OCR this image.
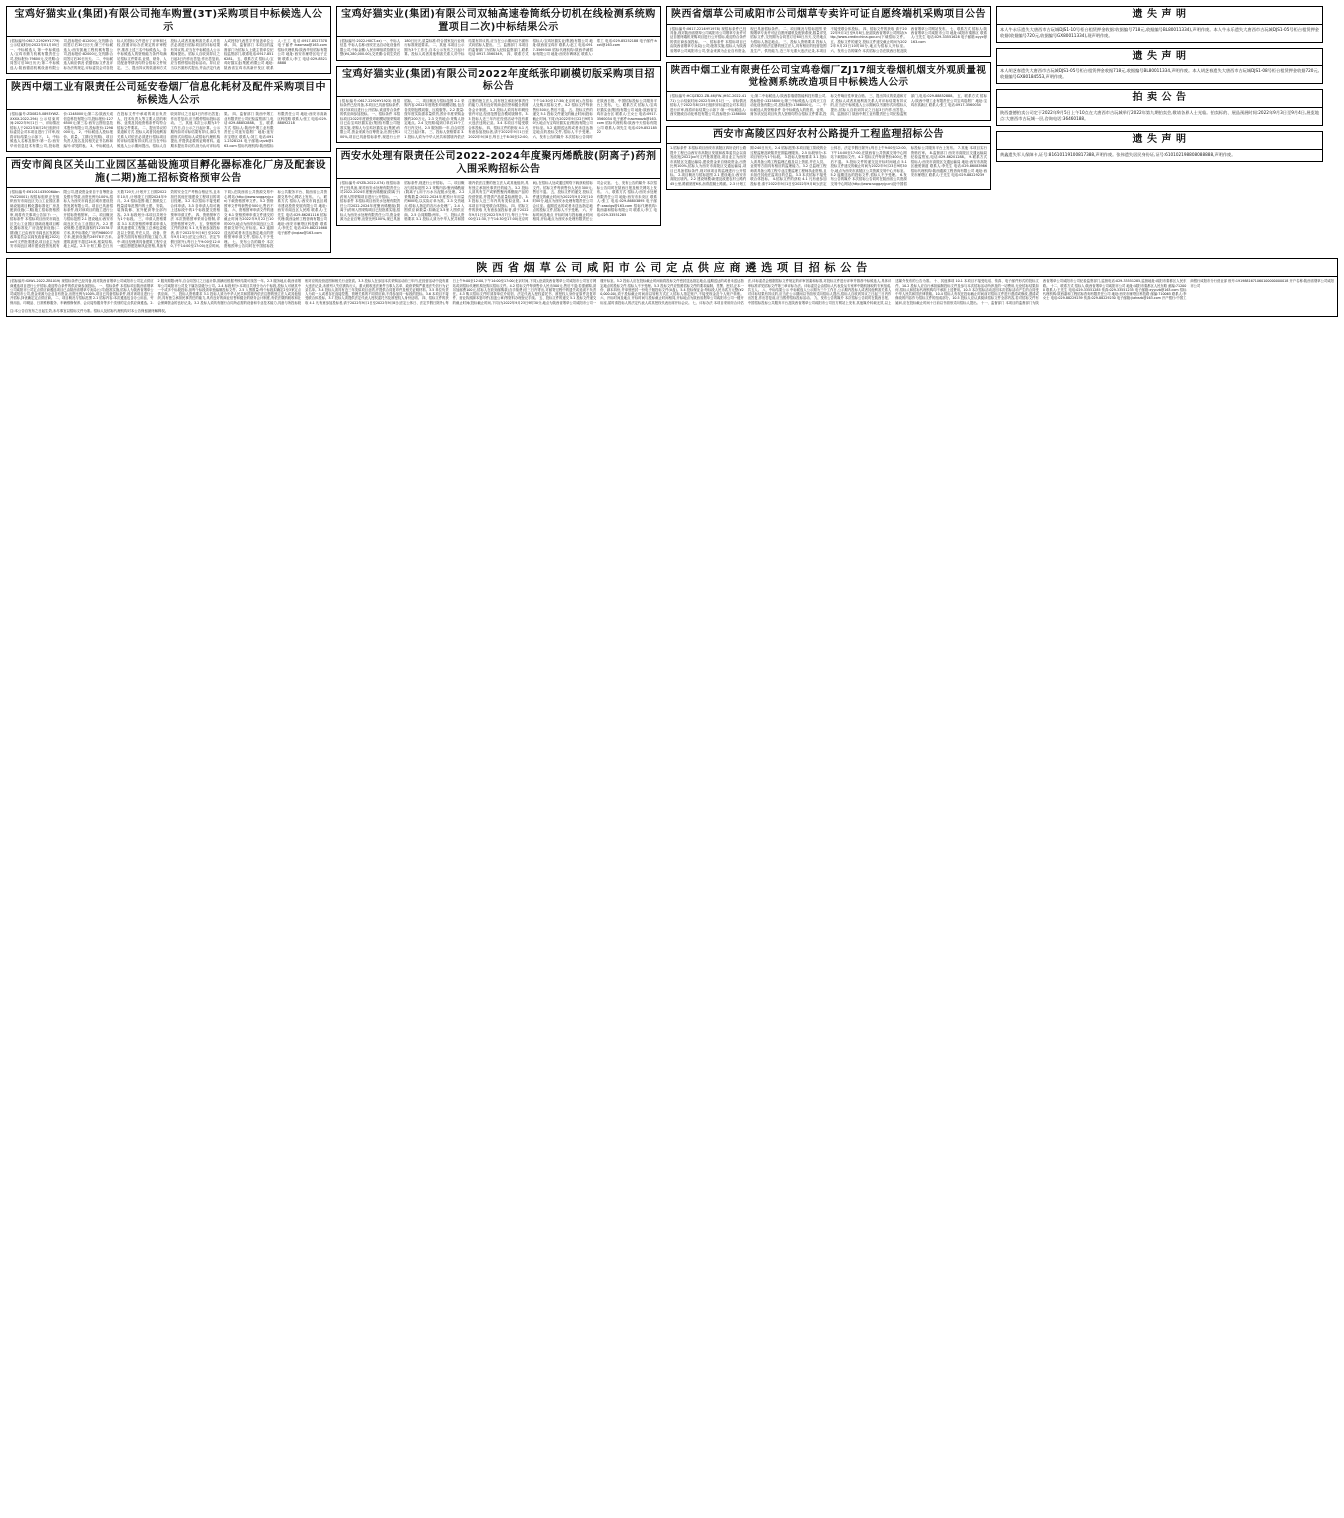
宝鸡好猫实业(集团)有限公司拖车购置(3T)采购项目中标候选人公示
(招标编号:0617-2292HY1779) 公示结束时间:2022年01月05日 一、中标候选人 第一中标候选人:宝鸡市鼎力机械有限责任公司,投标报价:79800元,交货期:合同签订后30日历天;第二中标候选人:陕西德浩机械设备有限公司,投标报价:81200元,交货期:合同签订后30日历天;第三中标候选人:西安凯驰工程机械有限公司,投标报价:82000元,交货期:合同签订后30日历天。 二、中标候选人响应情况 依据招标文件及评标办法的规定,评标委员会对各投标人的投标文件进行了评审和比较,按照评标办法规定的评审程序,推荐上述三名中标候选人。各中标候选人的资格能力条件均满足招标文件要求,业绩、财务、人员配备等情况均符合招标文件规定。 三、提出异议的渠道和方式 投标人或者其他利害关系人对依法必须进行招标项目的评标结果有异议的,应当在中标候选人公示期间提出。招标人自收到异议之日起3日内作出答复;作出答复前,应当暂停招标投标活动。异议应当以书面形式提出,并由法定代表人或授权代表签字并加盖单位公章。 四、监督部门 本项目的监督部门为招标人上级主管单位纪检监察部门,联系电话:0917-8516281。 五、联系方式 招标人:宝鸡好猫实业(集团)有限公司 地址:陕西省宝鸡市高新开发区 联系人:王工 电话:0917-8527378 电子邮件:haomao@163.com 招标代理机构:陕西华信招标有限公司 地址:西安市雁塔区电子正街 联系人:李工 电话:029-85218888
陕西中烟工业有限责任公司延安卷烟厂信息化耗材及配件采购项目中标候选人公示
(招标编号:ZD0825-0893YWZ-XXXX-2022-294) 公示结束时间:2022年9月1日 一、评标情况 招标人于2022年8月25日组织评标委员会对本项目进行了评审,现将评标结果公示如下。 1、中标候选人名称及排序:第一名:西安华讯信息技术有限公司,投标报价:1248000元;第二名:陕西天成信息科技有限公司,投标报价:1276500元;第三名:西安云图信息技术股份有限公司,投标报价:1298000元。 2、中标候选人投标报价、质量、工期(交货期)、项目负责人姓名及其相关证书名称和编号:详见附表。 3、中标候选人在投标文件中承诺的项目负责人、技术负责人等主要人员的职称、业绩及其他资格条件均符合招标文件要求。 二、提出异议的渠道和方式 投标人或者其他利害关系人对依法必须进行招标项目的评标结果有异议的,应当在中标候选人公示期间提出。招标人自收到异议之日起3日内作出答复;作出答复前,应当暂停招标投标活动。 三、其他 本次公示期为3个工作日,自公示之日起计算。公示期内如对评标结果有异议,请以书面形式向招标人或招标代理机构提出,并提供必要的证明材料。逾期未提出异议的,视为认可评标结果。 四、监督部门 陕西中烟工业有限责任公司纪检监察部门,电话:029-88852888。 五、联系方式 招标人:陕西中烟工业有限责任公司延安卷烟厂 地址:延安市宝塔区 联系人:刘工 电话:0911-2328124 电子邮箱:zyzb@163.com 招标代理机构:陕西招标有限责任公司 地址:西安市高新区科技路 联系人:张工 电话:029-88892218
西安市阎良区关山工业园区基础设施项目孵化器标准化厂房及配套设施(二期)施工招标资格预审公告
(招标编号:E61011435006AbnYVZ20001) 现招标组织正在组织西安市阎良区关山工业园区基础设施项目孵化器标准化厂房及配套设施(二期)施工招标资格预审,现将有关事项公告如下: 一、招标条件 本招标项目西安市阎良区关山工业园区基础设施项目孵化器标准化厂房及配套设施(二期)施工已由西安市阎良区发展和改革委员会以阎发改备案[2022]xx号文件批准建设,项目业主为西安市阎良区城市建设投资发展有限公司,建设资金来自于自筹资金及银行贷款,出资比例为100%,招标人为西安市阎良区城市建设投资发展有限公司。项目已具备招标条件,现对该项目的施工进行公开招标资格预审。 二、项目概况与招标范围 2.1 建设地点:西安市阎良区关山工业园区内。2.2 建设规模:总建筑面积约123578平方米,其中标准化厂房约98600平方米,配套设施约24978平方米,建筑高度不超过24米,框架结构,地上4层。2.3 计划工期:总日历天数720天,计划开工日期2022年10月,计划竣工日期2024年9月。2.4 招标范围:施工图纸及工程量清单范围内的土建、安装、装饰装修、室外配套等全部内容。2.5 标段划分:本项目共划分为1个标段。 三、申请人资格要求 3.1 本次资格预审要求申请人须具备建筑工程施工总承包壹级及以上资质,并在人员、设备、资金等方面具有相应的施工能力,其中:项目经理须具备建筑工程专业一级注册建造师执业资格,具备有效的安全生产考核合格证书,且未担任其他在施建设工程项目的项目经理。3.2 本次招标不接受联合体申请。3.3 各申请人均可就上述标段中的1个标段提交资格预审申请文件。 四、资格预审方法 本次资格预审采用合格制,详见资格预审文件。 五、资格预审文件的获取 5.1 凡有意参加投标者,请于2022年9月6日至2022年9月13日(法定公休日、法定节假日除外),每日上午9:00至12:00,下午14:00至17:00(北京时间,下同),在陕西省公共资源交易中心网站(http://www.sxggzyjy.cn)下载资格预审文件。5.2 资格预审文件每套售价500元,售后不退。 六、资格预审申请文件的递交 6.1 资格预审申请文件递交的截止时间为2022年9月22日10时00分,地点为西安市阎良区公共资源交易中心开标室。6.2 逾期送达的或者未送达指定地点的资格预审申请文件,招标人不予受理。 七、发布公告的媒介 本次资格预审公告同时在中国招标投标公共服务平台、陕西省公共资源交易中心网站上发布。 八、联系方式 招标人:西安市阎良区城市建设投资发展有限公司 地址:西安市阎良区人民路 联系人:王先生 电话:029-86281116 招标代理:陕西金桥工程咨询有限公司 地址:西安市雁塔区科技路 联系人:李先生 电话:029-88221668 电子邮件:jinqiao@163.com
宝鸡好猫实业(集团)有限公司双轴高速卷筒纸分切机在线检测系统购置项目二次)中标结果公示
(招标编号:2022-HXCT-xx) 一、中标人信息 中标人名称:西安宏达自动化设备有限公司,中标金额:人民币肆佰贰拾捌万元整(¥4,280,000.00),交货期:合同生效后180日历天,质量标准:符合国家及行业现行标准规范要求。 二、其他 本项目公示期为3个工作日,自本公示发布之日起计算。投标人或者其他利害关系人对中标结果有异议的,应当在公示期间以书面形式向招标人提出。 三、监督部门 本项目的监督部门为招标人纪检监察部门,联系电话:0917-3560349。 四、联系方式 招标人:宝鸡好猫实业(集团)有限公司 地址:陕西省宝鸡市 联系人:赵工 电话:0917-3569340 招标代理机构:陕西华诚招标有限公司 地址:西安市碑林区 联系人:郑工 电话:029-85252188 电子邮件:hxct@163.com
宝鸡好猫实业(集团)有限公司2022年度纸张印刷模切版采购项目招标公告
(招标编号:0617-2292HY1923) 现招标条件已经具备,本项目已具备招标条件,现对该项目进行公开招标,欢迎符合条件的供应商参加投标。 一、招标条件 本招标项目2022年度纸张印刷模切版采购项目已由宝鸡好猫实业(集团)有限公司批准实施,采购人为宝鸡好猫实业(集团)有限公司,资金来源为自筹资金,出资比例100%,项目已具备招标条件,现进行公开招标。 二、项目概况与招标范围 2.1 采购内容:2022年度纸张印刷模切版,包含各类烟包模切版、压痕版等。2.2 数量:按年度实际需求量供货,预计年度采购金额约200万元。2.3 交货地点:采购人指定地点。2.4 交货期:接到订单后15个工作日内交付。2.5 服务期:一年,自合同签订之日起计算。 三、投标人资格要求 3.1 投标人须为中华人民共和国境内依法注册的独立法人,具有独立承担民事责任的能力,具有良好的商业信誉和健全的财务会计制度。3.2 投标人须具有印刷经营许可证,经营范围包含模切版制作。3.3 投标人近三年内在经营活动中没有重大违法违规记录。3.4 本项目不接受联合体投标。 四、招标文件的获取 4.1 凡有意参加投标者,请于2022年9月1日至2022年9月8日,每日上午8:30至12:00,下午14:30至17:30(北京时间),在招标人处购买招标文件。4.2 招标文件每套售价300元,售后不退。 五、投标文件的递交 5.1 投标文件递交的截止时间(投标截止时间,下同)为2022年9月22日9时30分,地点为宝鸡好猫实业(集团)有限公司开标室。5.2 逾期送达的或者未送达指定地点的投标文件,招标人不予受理。 六、发布公告的媒介 本次招标公告同时在陕西日报、中国招标投标公共服务平台上发布。 七、联系方式 招标人:宝鸡好猫实业(集团)有限公司 地址:陕西省宝鸡市金台区 联系人:王女士 电话:0917-3560034 电子邮件:haomaozb@163.com 招标代理机构:陕西中天招标有限公司 联系人:刘先生 电话:029-85218522
西安水处理有限责任公司2022-2024年度聚丙烯酰胺(阴离子)药剂入围采购招标公告
(招标编号:SYZB-2022-074) 现招标条件已经具备,现对西安水处理有限责任公司2022-2024年度聚丙烯酰胺(阴离子)药剂入围采购项目进行公开招标。 一、招标条件 本招标项目西安水处理有限责任公司2022-2024年度聚丙烯酰胺(阴离子)药剂入围采购项目已经批准实施,招标人为西安水处理有限责任公司,资金来源为企业自筹,出资比例100%,现已具备招标条件,现进行公开招标。 二、项目概况与招标范围 2.1 采购内容:聚丙烯酰胺(阴离子),用于污水污泥脱水处理。2.2 采购数量:2022-2024年度预计年用量约600吨,以实际订单为准。2.3 交货地点:招标人指定的各污水处理厂。2.4 入围供应商数量:拟确定3-5家入围供应商。2.5 合同期限:两年。 三、投标人资格要求 3.1 投标人须为中华人民共和国境内依法注册的独立法人或其他组织,具有独立承担民事责任的能力。3.2 投标人须具有生产或销售聚丙烯酰胺产品的经营资质,并提供产品质量检测报告。3.3 投标人近三年内具有类似业绩。3.4 本项目不接受联合体投标。 四、招标文件的获取 凡有意参加投标者,请于2022年9月1日至2022年9月7日,每日上午9:00至11:30,下午14:30至17:00(北京时间),在招标人处或通过网络下载获取招标文件。招标文件每套售价人民币300元,售后不退。 五、投标文件的递交 投标文件递交的截止时间为2022年9月23日10时00分,地点为西安水处理有限责任公司会议室。逾期送达的或者未送达指定地点的投标文件,招标人不予受理。 六、开标时间及地点 开标时间与投标截止时间相同,开标地点为西安水处理有限责任公司会议室。 七、发布公告的媒介 本次招标公告同时在陕西日报及相关网站上发布。 八、联系方式 招标人:西安水处理有限责任公司 地址:西安市未央区 联系人:张工 电话:029-86803895 电子邮件:xasclgs@163.com 招标代理机构:陕西嘉和招标有限公司 联系人:李工 电话:029-33551285
陕西省烟草公司咸阳市公司烟草专卖许可证自愿终端机采购项目公告
(招标编号:0617-2214HY1978) 现招标条件已经具备,现对陕西省烟草公司咸阳市公司烟草专卖许可证自愿终端机采购项目进行公开招标,欢迎符合条件的供应商参加投标。 一、招标条件 本招标项目已由陕西省烟草专卖局(公司)批准实施,招标人为陕西省烟草公司咸阳市公司,资金来源为企业自有资金,现已具备招标条件。 二、项目概况与招标范围 采购烟草专卖许可证自愿终端机及配套系统,数量详见招标文件,交货期为合同签订后60日历天,交货地点为招标人指定地点。 三、投标人资格要求 投标人须为境内依法注册的独立法人,具有相应的经营范围及生产、供货能力,近三年无重大违法记录,本项目不接受联合体投标。 四、招标文件的获取 请于2022年9月1日至9月8日,登录陕西省烟草公司网站(http://www.credinchina.gov.cn)下载招标文件。 五、投标文件的递交 投标文件递交截止时间为2022年9月23日10时00分,地点为招标人开标室。 六、发布公告的媒介 本次招标公告在陕西日报及陕西省烟草公司网站发布。 七、联系方式 招标人:陕西省烟草公司咸阳市公司 地址:咸阳市秦都区 联系人:王先生 电话:029-33551628 电子邮箱:xyyc@163.com
陕西中烟工业有限责任公司宝鸡卷烟厂ZJ17细支卷烟机烟支外观质量视觉检测系统改造项目中标候选人公示
(招标编号:HCQZB22-ZB-46(FW-)HSC-2022-4171) 公示结束时间:2022年09月1日 一、评标情况 招标人于2022年8月25日组织评标委员会对本项目进行评审,现将评标结果公示如下:第一中标候选人:西安捷威自动化科技有限公司,投标报价:1286000元;第二中标候选人:陕西泰瑞德智能科技有限公司,投标报价:1325800元;第三中标候选人:宝鸡天工自动化设备有限公司,投标报价:1368000元。 二、中标候选人的资格条件 各中标候选人的资质、业绩、财务状况及项目负责人资格均符合招标文件要求,投标文件响应性审查合格。 三、提出异议的渠道和方式 投标人或者其他利害关系人对评标结果有异议的,应当在中标候选人公示期间以书面形式向招标人提出,招标人自收到异议之日起3日内作出答复。 四、监督部门 陕西中烟工业有限责任公司纪检监察部门,电话:029-88852888。 五、联系方式 招标人:陕西中烟工业有限责任公司宝鸡卷烟厂 地址:宝鸡市高新区 联系人:张工 电话:0917-3560034
西安市高陵区四好农村公路提升工程监理招标公告
1.招标条件 本招标项目西安市高陵区四好农村公路提升工程已由西安市高陵区发展和改革委员会以高发改发[2022]xx号文件批准建设,项目业主为西安市高陵区交通运输局,建设资金来自财政资金,出资比例100%,招标人为西安市高陵区交通运输局,项目已具备招标条件,现对该项目的监理进行公开招标。 2.项目概况与招标范围 2.1 建设地点:西安市高陵区境内。2.2 建设规模:新建及改建农村公路约45公里,路面宽度6米,沥青混凝土路面。2.3 计划工期:240日历天。2.4 招标范围:本项目施工阶段的全过程监理及缺陷责任期监理服务。2.5 标段划分:本项目划分为1个标段。 3.投标人资格要求 3.1 投标人须具备公路工程监理乙级及以上资质,并在人员、业绩等方面具有相应的监理能力。3.2 总监理工程师须具备公路工程专业注册监理工程师执业资格,且未担任其他在监项目的总监。3.3 本次招标不接受联合体投标。 4.招标文件的获取 4.1 凡有意参加投标者,请于2022年9月1日至2022年9月8日(法定公休日、法定节假日除外),每日上午9:00至12:00,下午14:00至17:00,在陕西省公共资源交易中心网站下载招标文件。4.2 招标文件每套售价400元,售后不退。 5.投标文件的递交及开标时间地点 5.1 投标文件递交的截止时间为2022年9月23日9时30分,地点为西安市高陵区公共资源交易中心开标室。5.2 逾期送达的投标文件,招标人不予受理。 6.发布公告的媒介 本次招标公告同时在陕西省公共资源交易中心网站(http://www.sxggzyjy.cn)及中国招标投标公共服务平台上发布。 7.其他 本项目实行资格后审。 8.监督部门 西安市高陵区交通运输局纪检监察室,电话:029-86201288。 9.联系方式 招标人:西安市高陵区交通运输局 地址:西安市高陵区鹿苑街道 联系人:李先生 电话:029-86083986 招标代理机构:陕西通源工程咨询有限公司 地址:西安市雁塔区 联系人:王先生 电话:029-88229239
遗 失 声 明
本人牛永乐遗失大唐西市古玩城DJS1-10号柜台租赁押金收据:收据编号718元,收据编号BL80011334),声明作废。本人牛永乐遗失大唐西市古玩城DJS1-05号柜台租赁押金收据(收据编号720元,收据编号GX80011334),现声明作废。
遗 失 声 明
本人胡芝春遗失大唐西市古玩城DJS1-05号柜台租赁押金收据718元,收据编号BL80011334,声明作废。本人胡芝春遗失大唐西市古玩城DJS1-08号柜台租赁押金收据720元,收据编号GX80184553,声明作废。
拍 卖 公 告
陕西盛德拍卖公司定于2022年9月5日上午10点在大唐西市古玩城举行2022年第九期拍卖会,敬请各界人士光临。拍卖标的、展品预展时间:2022年9月3日至9月4日,展览地点:大唐西市古玩城一层,咨询电话:36460188。
遗 失 声 明
黄鑫遗失军人保障卡,证号:81610119100817388,声明作废。张伟遗失居民身份证,证号:610102198808088888,声明作废。
陕 西 省 烟 草 公 司 咸 阳 市 公 司 定 点 供 应 商 遴 选 项 目 招 标 公 告
(招标编号:SXWL-2022-ZB1019) 现招标条件已经具备,现对陕西省烟草公司咸阳市公司定点供应商遴选项目进行公开招标,欢迎符合条件的供应商参加投标。 一、招标条件 本招标项目陕西省烟草公司咸阳市公司定点供应商遴选项目已由陕西省烟草专卖局(公司)批准实施,招标人为陕西省烟草公司咸阳市公司,资金来源为企业自有资金,出资比例为100%,项目已具备招标条件,现对该项目进行公开招标,择优确定定点供应商。 二、项目概况与招标范围 2.1 招标内容:本次遴选包含办公用品、劳保用品、印刷品、日常维修服务、车辆维修保养、会议接待服务等多个类别的定点供应商遴选。2.2 服务期限:两年,自合同签订之日起计算,期满后根据考核结果可续签一年。2.3 服务地点:陕西省烟草公司咸阳市公司及下属各县级分公司。2.4 标段划分:本项目共划分为六个标段,投标人可就其中一个或多个标段投标,但每个标段须单独编制投标文件。2.5 入围数量:每个标段拟确定2至3家定点供应商。 三、投标人资格要求 3.1 投标人须为中华人民共和国境内依法注册的独立法人或其他组织,具有独立承担民事责任的能力,具有良好的商业信誉和健全的财务会计制度,有依法缴纳税收和社会保障资金的良好记录。3.2 投标人须具有履行合同所必需的设备和专业技术能力,具备与所投标段相对应的经营范围和相关行业资质。3.3 投标人在参加本次采购活动前三年内,在经营活动中没有重大违法记录,未被列入失信被执行人、重大税收违法案件当事人名单、政府采购严重违法失信行为记录名单。3.4 投标人须具有近三年类似项目业绩,并提供合同复印件及相关证明材料。3.5 单位负责人为同一人或者存在直接控股、管理关系的不同供应商,不得参加同一标段的投标。3.6 本项目不接受联合体投标。3.7 投标人须提供法定代表人授权委托书及被授权人身份证明。 四、招标文件的获取 4.1 凡有意参加投标者,请于2022年9月1日至2022年9月8日(法定公休日、法定节假日除外),每日上午9:00至12:00,下午14:00至17:00(北京时间,下同),登录陕西省烟草公司咸阳市公司官方网站或到招标代理机构处购买招标文件。4.2 招标文件每套售价人民币500元,售后不退;若需邮购,须另加邮费100元,招标人在收到邮购款(含手续费)后三日内寄出,对邮寄过程中的遗失或延误不负责任。4.3 购买招标文件时须持单位介绍信、法定代表人授权委托书、被授权人身份证原件及复印件、营业执照副本复印件(加盖公章)等资料办理登记手续。 五、投标文件的递交 5.1 投标文件递交的截止时间(投标截止时间,下同)为2022年9月23日9时30分,地点为陕西省烟草公司咸阳市公司一楼开标室。5.2 投标人应在投标截止时间前将投标文件密封送达指定地点,逾期送达的或者未送达指定地点的投标文件,招标人不予受理。5.3 投标文件应按照招标文件的要求编制、签署、密封,正本一份、副本四份,并单独密封一份电子版投标文件(U盘)。5.4 投标保证金:每标段人民币贰万元整(¥20,000.00),须于投标截止时间前以转账方式汇入招标人指定账户,不接受现金及个人账户转账。 六、开标时间及地点 开标时间与投标截止时间相同,开标地点为陕西省烟草公司咸阳市公司一楼开标室,届时请投标人的法定代表人或其授权代表出席开标会议。 七、评标办法 本项目采用综合评估法,评标委员会根据招标文件规定的评审因素和标准,对投标文件进行评审并推荐中标候选人,具体评审标准详见招标文件第三章评标办法。评标委员会由招标人代表及从专家库中随机抽取的专家组成,共五人。 八、中标结果公示 中标候选人公示期为三个工作日,公示期内投标人或者其他利害关系人对评标结果有异议的,应当在公示期间以书面形式向招标人提出,招标人自收到异议之日起三日内作出答复,作出答复前,应当暂停招标投标活动。 九、发布公告的媒介 本次招标公告同时在陕西日报、中国招标投标公共服务平台及陕西省烟草公司咸阳市公司官方网站上发布,其他媒介转载无效,以上述媒介发布的公告为准。 十、其他事项 10.1 本项目不接受电话、传真、电子邮件形式的投标文件。10.2 投标人应自行承担编制投标文件及参与本次招标活动所涉及的一切费用,无论招标结果如何,招标人和招标代理机构均不承担上述费用。10.3 本次招标活动及因本次招标活动产生的合同受中华人民共和国法律管辖。10.4 招标人有权在投标截止时间前对招标文件进行澄清或修改,澄清或修改的内容作为招标文件的组成部分。10.5 投标人应认真阅读招标文件全部内容,若对招标文件有疑问,应在投标截止时间十日前以书面形式向招标人提出。 十一、监督部门 本项目的监督部门为陕西省烟草公司咸阳市公司纪检监察部门,监督电话:029-33551285,监督地址:咸阳市秦都区人民东路。 十二、联系方式 招标人:陕西省烟草公司咸阳市公司 地址:咸阳市秦都区人民东路 邮编:712000 联系人:王先生 电话:029-33551285 传真:029-33551235 电子邮箱:xyyczb@163.com 招标代理机构:陕西嘉和工程招标咨询有限责任公司 地址:西安市雁塔区科技路 邮编:710065 联系人:李女士 电话:029-88229239 传真:029-88229230 电子邮箱:jiahezb@163.com 开户银行:中国工商银行咸阳市分行营业部 账号:1919881671060100000000018 开户名称:陕西省烟草公司咸阳市公司
注:本公告自发布之日起生效,未尽事宜以招标文件为准。招标人及招标代理机构对本公告保留最终解释权。
